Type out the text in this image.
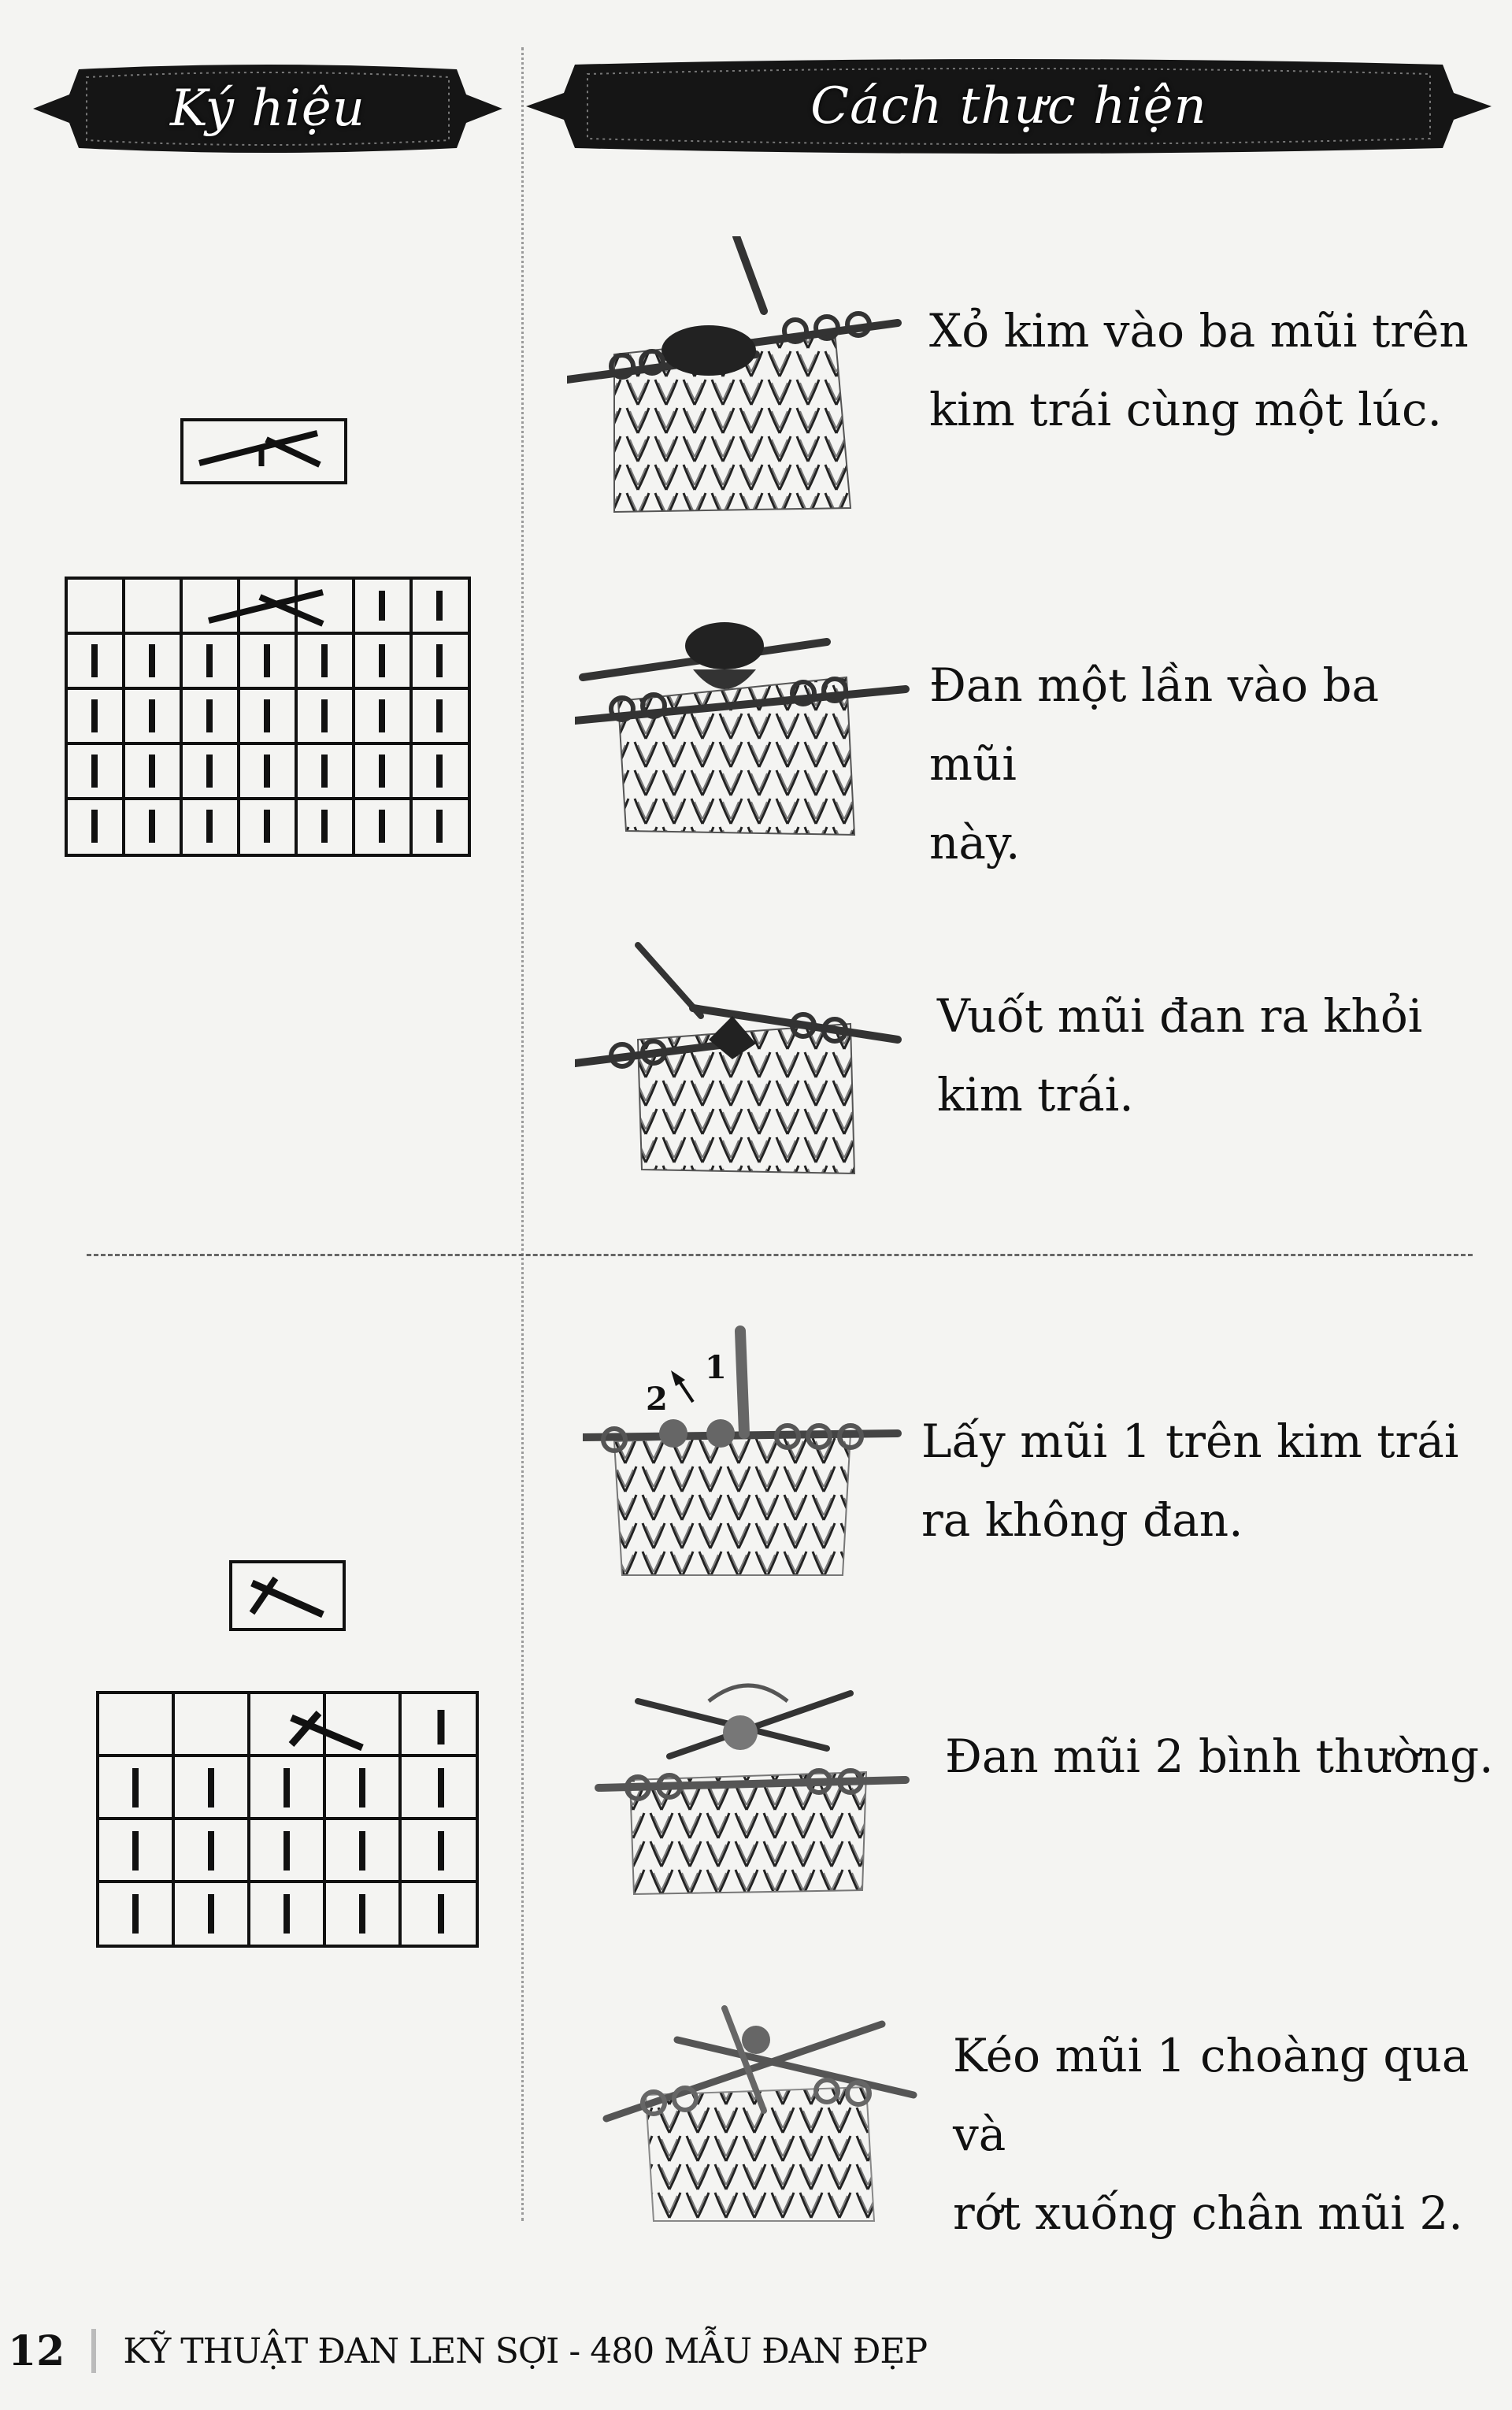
Ký hiệu	Cách thực hiện
Xỏ kim vào ba mũi trên
kim trái cùng một lúc.
Đan một lần vào ba mũi
này.
Vuốt mũi đan ra khỏi
kim trái.
2
1
Lấy mũi 1 trên kim trái
ra không đan.
Đan mũi 2 bình thường.
Kéo mũi 1 choàng qua và
rớt xuống chân mũi 2.
12 KỸ THUẬT ĐAN LEN SỢI - 480 MẪU ĐAN ĐẸP
